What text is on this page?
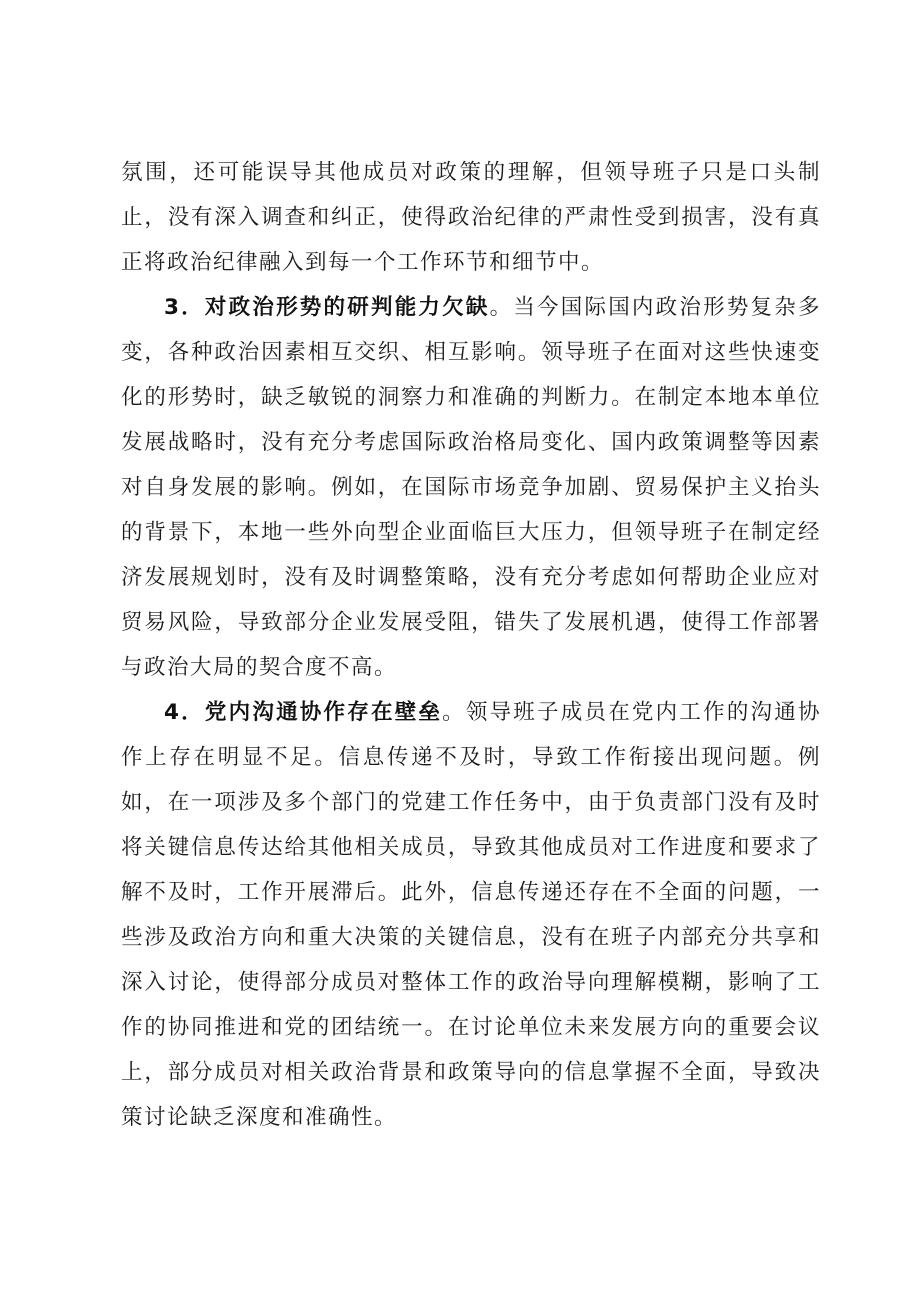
氛围，还可能误导其他成员对政策的理解，但领导班子只是口头制止，没有深入调查和纠正，使得政治纪律的严肃性受到损害，没有真正将政治纪律融入到每一个工作环节和细节中。

3．对政治形势的研判能力欠缺。当今国际国内政治形势复杂多变，各种政治因素相互交织、相互影响。领导班子在面对这些快速变化的形势时，缺乏敏锐的洞察力和准确的判断力。在制定本地本单位发展战略时，没有充分考虑国际政治格局变化、国内政策调整等因素对自身发展的影响。例如，在国际市场竞争加剧、贸易保护主义抬头的背景下，本地一些外向型企业面临巨大压力，但领导班子在制定经济发展规划时，没有及时调整策略，没有充分考虑如何帮助企业应对贸易风险，导致部分企业发展受阻，错失了发展机遇，使得工作部署与政治大局的契合度不高。

4．党内沟通协作存在壁垒。领导班子成员在党内工作的沟通协作上存在明显不足。信息传递不及时，导致工作衔接出现问题。例如，在一项涉及多个部门的党建工作任务中，由于负责部门没有及时将关键信息传达给其他相关成员，导致其他成员对工作进度和要求了解不及时，工作开展滞后。此外，信息传递还存在不全面的问题，一些涉及政治方向和重大决策的关键信息，没有在班子内部充分共享和深入讨论，使得部分成员对整体工作的政治导向理解模糊，影响了工作的协同推进和党的团结统一。在讨论单位未来发展方向的重要会议上，部分成员对相关政治背景和政策导向的信息掌握不全面，导致决策讨论缺乏深度和准确性。
